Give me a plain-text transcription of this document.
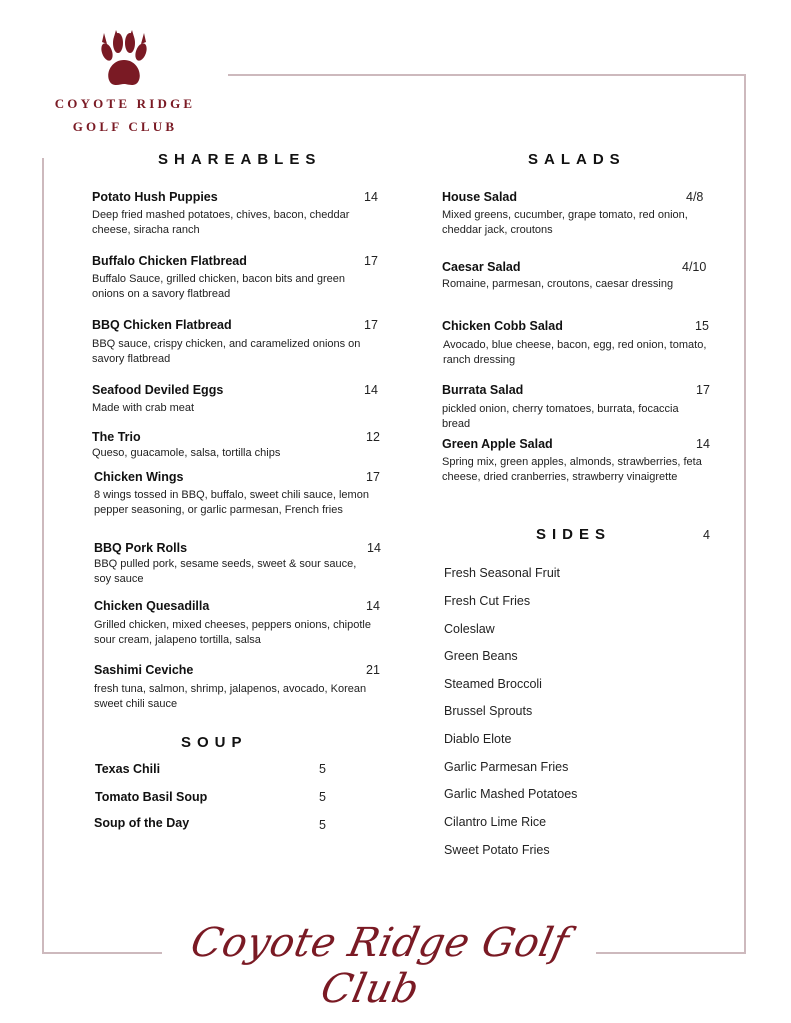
COYOTE RIDGE
GOLF CLUB
SHAREABLES
Potato Hush Puppies	14
Deep fried mashed potatoes, chives, bacon, cheddar cheese, siracha ranch
Buffalo Chicken Flatbread	17
Buffalo Sauce, grilled chicken, bacon bits and green onions on a savory flatbread
BBQ Chicken Flatbread	17
BBQ sauce, crispy chicken, and caramelized onions on savory flatbread
Seafood Deviled Eggs	14
Made with crab meat
The Trio	12
Queso, guacamole, salsa, tortilla chips
Chicken Wings	17
8 wings tossed in BBQ, buffalo, sweet chili sauce, lemon pepper seasoning, or garlic parmesan, French fries
BBQ Pork Rolls	14
BBQ pulled pork, sesame seeds, sweet & sour sauce, soy sauce
Chicken Quesadilla	14
Grilled chicken, mixed cheeses, peppers onions, chipotle sour cream, jalapeno tortilla, salsa
Sashimi Ceviche	21
fresh tuna, salmon, shrimp, jalapenos, avocado, Korean sweet chili sauce
SOUP
Texas Chili	5
Tomato Basil Soup	5
Soup of the Day	5
SALADS
House Salad	4/8
Mixed greens, cucumber, grape tomato, red onion, cheddar jack, croutons
Caesar Salad	4/10
Romaine, parmesan, croutons, caesar dressing
Chicken Cobb Salad	15
Avocado, blue cheese, bacon, egg, red onion, tomato, ranch dressing
Burrata Salad	17
pickled onion, cherry tomatoes, burrata, focaccia bread
Green Apple Salad	14
Spring mix, green apples, almonds, strawberries, feta cheese, dried cranberries, strawberry vinaigrette
SIDES	4
Fresh Seasonal Fruit
Fresh Cut Fries
Coleslaw
Green Beans
Steamed Broccoli
Brussel Sprouts
Diablo Elote
Garlic Parmesan Fries
Garlic Mashed Potatoes
Cilantro Lime Rice
Sweet Potato Fries
Coyote Ridge Golf Club
